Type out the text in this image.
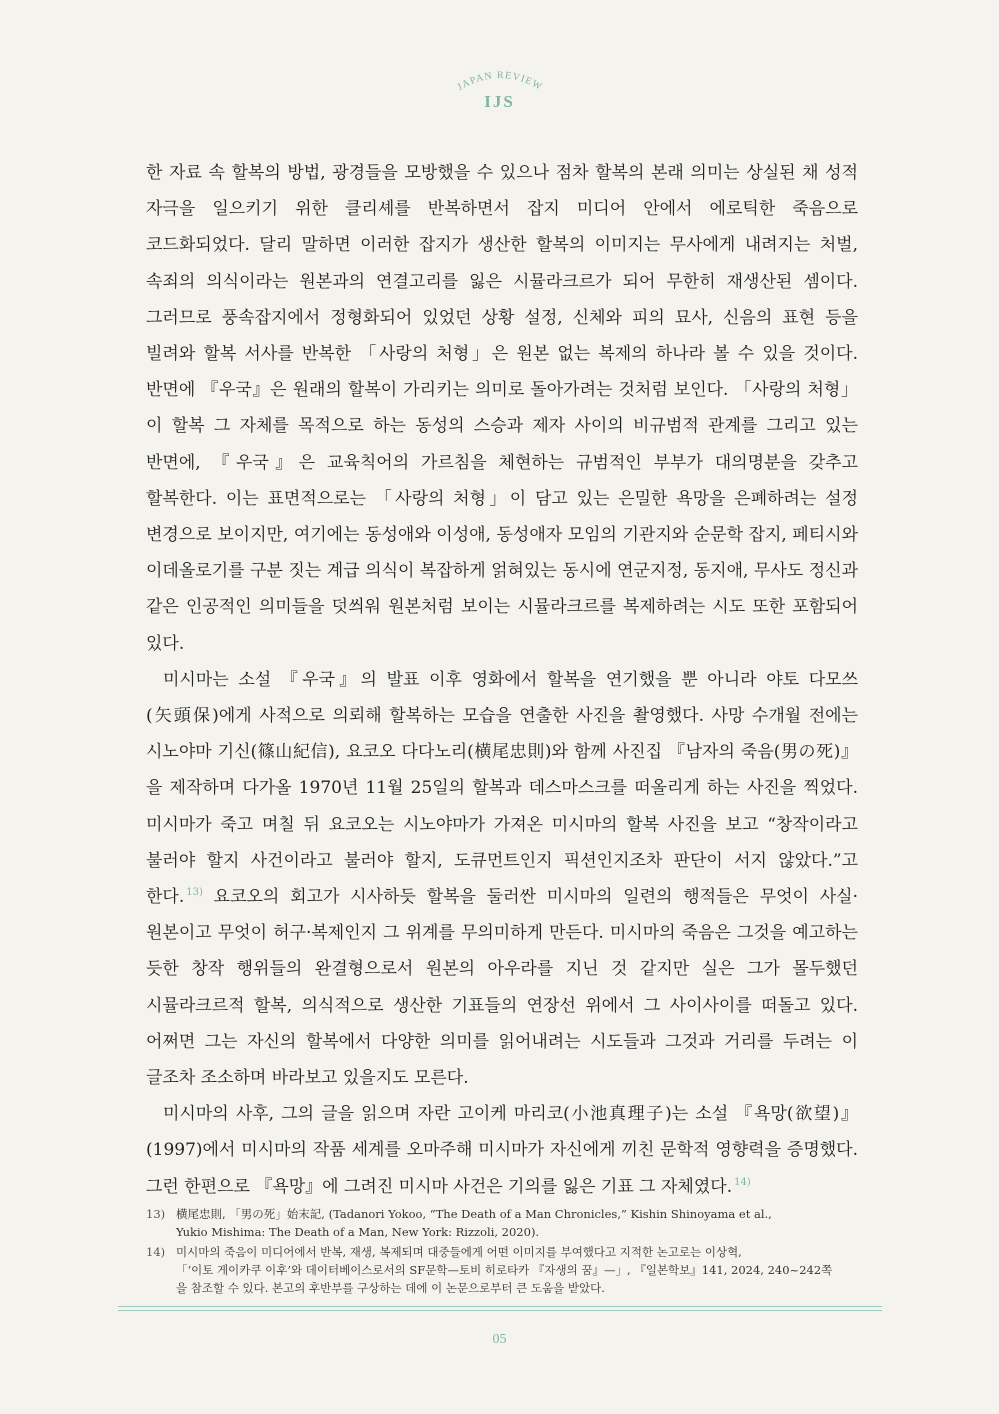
JAPAN REVIEW
IJS

한 자료 속 할복의 방법, 광경들을 모방했을 수 있으나 점차 할복의 본래 의미는 상실된 채 성적 자극을 일으키기 위한 클리셰를 반복하면서 잡지 미디어 안에서 에로틱한 죽음으로 코드화되었다. 달리 말하면 이러한 잡지가 생산한 할복의 이미지는 무사에게 내려지는 처벌, 속죄의 의식이라는 원본과의 연결고리를 잃은 시뮬라크르가 되어 무한히 재생산된 셈이다. 그러므로 풍속잡지에서 정형화되어 있었던 상황 설정, 신체와 피의 묘사, 신음의 표현 등을 빌려와 할복 서사를 반복한 「사랑의 처형」은 원본 없는 복제의 하나라 볼 수 있을 것이다. 반면에 『우국』은 원래의 할복이 가리키는 의미로 돌아가려는 것처럼 보인다. 「사랑의 처형」이 할복 그 자체를 목적으로 하는 동성의 스승과 제자 사이의 비규범적 관계를 그리고 있는 반면에, 『우국』은 교육칙어의 가르침을 체현하는 규범적인 부부가 대의명분을 갖추고 할복한다. 이는 표면적으로는 「사랑의 처형」이 담고 있는 은밀한 욕망을 은폐하려는 설정 변경으로 보이지만, 여기에는 동성애와 이성애, 동성애자 모임의 기관지와 순문학 잡지, 페티시와 이데올로기를 구분 짓는 계급 의식이 복잡하게 얽혀있는 동시에 연군지정, 동지애, 무사도 정신과 같은 인공적인 의미들을 덧씌워 원본처럼 보이는 시뮬라크르를 복제하려는 시도 또한 포함되어 있다.

미시마는 소설 『우국』의 발표 이후 영화에서 할복을 연기했을 뿐 아니라 야토 다모쓰(矢頭保)에게 사적으로 의뢰해 할복하는 모습을 연출한 사진을 촬영했다. 사망 수개월 전에는 시노야마 기신(篠山紀信), 요코오 다다노리(横尾忠則)와 함께 사진집 『남자의 죽음(男の死)』을 제작하며 다가올 1970년 11월 25일의 할복과 데스마스크를 떠올리게 하는 사진을 찍었다. 미시마가 죽고 며칠 뒤 요코오는 시노야마가 가져온 미시마의 할복 사진을 보고 “창작이라고 불러야 할지 사건이라고 불러야 할지, 도큐먼트인지 픽션인지조차 판단이 서지 않았다.”고 한다. $^{13)}$ 요코오의 회고가 시사하듯 할복을 둘러싼 미시마의 일련의 행적들은 무엇이 사실·원본이고 무엇이 허구·복제인지 그 위계를 무의미하게 만든다. 미시마의 죽음은 그것을 예고하는 듯한 창작 행위들의 완결형으로서 원본의 아우라를 지닌 것 같지만 실은 그가 몰두했던 시뮬라크르적 할복, 의식적으로 생산한 기표들의 연장선 위에서 그 사이사이를 떠돌고 있다. 어쩌면 그는 자신의 할복에서 다양한 의미를 읽어내려는 시도들과 그것과 거리를 두려는 이 글조차 조소하며 바라보고 있을지도 모른다.

미시마의 사후, 그의 글을 읽으며 자란 고이케 마리코(小池真理子)는 소설 『욕망(欲望)』(1997)에서 미시마의 작품 세계를 오마주해 미시마가 자신에게 끼친 문학적 영향력을 증명했다. 그런 한편으로 『욕망』에 그려진 미시마 사건은 기의를 잃은 기표 그 자체였다. $^{14)}$

13) 横尾忠則, 「男の死」始末記, (Tadanori Yokoo, “The Death of a Man Chronicles,” Kishin Shinoyama et al.,
Yukio Mishima: The Death of a Man, New York: Rizzoli, 2020).
14) 미시마의 죽음이 미디어에서 반복, 재생, 복제되며 대중들에게 어떤 이미지를 부여했다고 지적한 논고로는 이상혁,
「‘이토 게이카쿠 이후’와 데이터베이스로서의 SF문학—토비 히로타카 『자생의 꿈』—」, 『일본학보』141, 2024, 240~242쪽
을 참조할 수 있다. 본고의 후반부를 구상하는 데에 이 논문으로부터 큰 도움을 받았다.
05
